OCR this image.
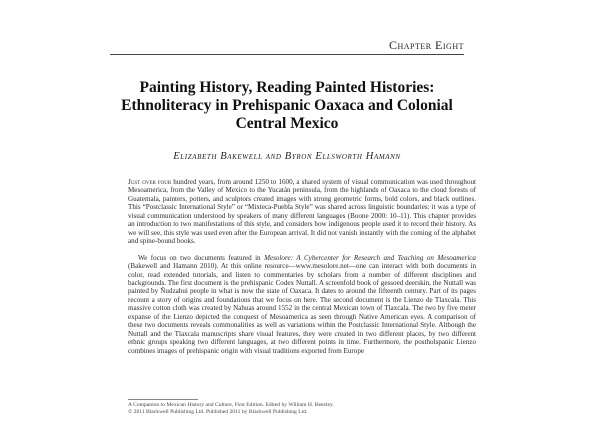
Chapter Eight
Painting History, Reading Painted Histories: Ethnoliteracy in Prehispanic Oaxaca and Colonial Central Mexico
Elizabeth Bakewell and Byron Ellsworth Hamann

Just over four hundred years, from around 1250 to 1600, a shared system of visual communication was used throughout Mesoamerica, from the Valley of Mexico to the Yucatán peninsula, from the highlands of Oaxaca to the cloud forests of Guatemala, painters, potters, and sculptors created images with strong geometric forms, bold colors, and black outlines. This “Postclassic International Style” or “Mixteca-Puebla Style” was shared across linguistic boundaries: it was a type of visual communication understood by speakers of many different languages (Boone 2000: 10–11). This chapter provides an introduction to two manifestations of this style, and considers how indigenous people used it to record their history. As we will see, this style was used even after the European arrival. It did not vanish instantly with the coming of the alphabet and spine-bound books.

We focus on two documents featured in Mesolore: A Cybercenter for Research and Teaching on Mesoamerica (Bakewell and Hamann 2010). At this online resource—www.mesolore.net—one can interact with both documents in color, read extended tutorials, and listen to commentaries by scholars from a number of different disciplines and backgrounds. The first document is the prehispanic Codex Nuttall. A screenfold book of gessoed deerskin, the Nuttall was painted by Ñudzahui people in what is now the state of Oaxaca. It dates to around the fifteenth century. Part of its pages recount a story of origins and foundations that we focus on here. The second document is the Lienzo de Tlaxcala. This massive cotton cloth was created by Nahuas around 1552 in the central Mexican town of Tlaxcala. The two by five meter expanse of the Lienzo depicted the conquest of Mesoamerica as seen through Native American eyes. A comparison of these two documents reveals commonalities as well as variations within the Postclassic International Style. Although the Nuttall and the Tlaxcala manuscripts share visual features, they were created in two different places, by two different ethnic groups speaking two different languages, at two different points in time. Furthermore, the postholspanic Lienzo combines images of prehispanic origin with visual traditions exported from Europe

A Companion to Mexican History and Culture, First Edition. Edited by William H. Beezley.
© 2011 Blackwell Publishing Ltd. Published 2011 by Blackwell Publishing Ltd.
